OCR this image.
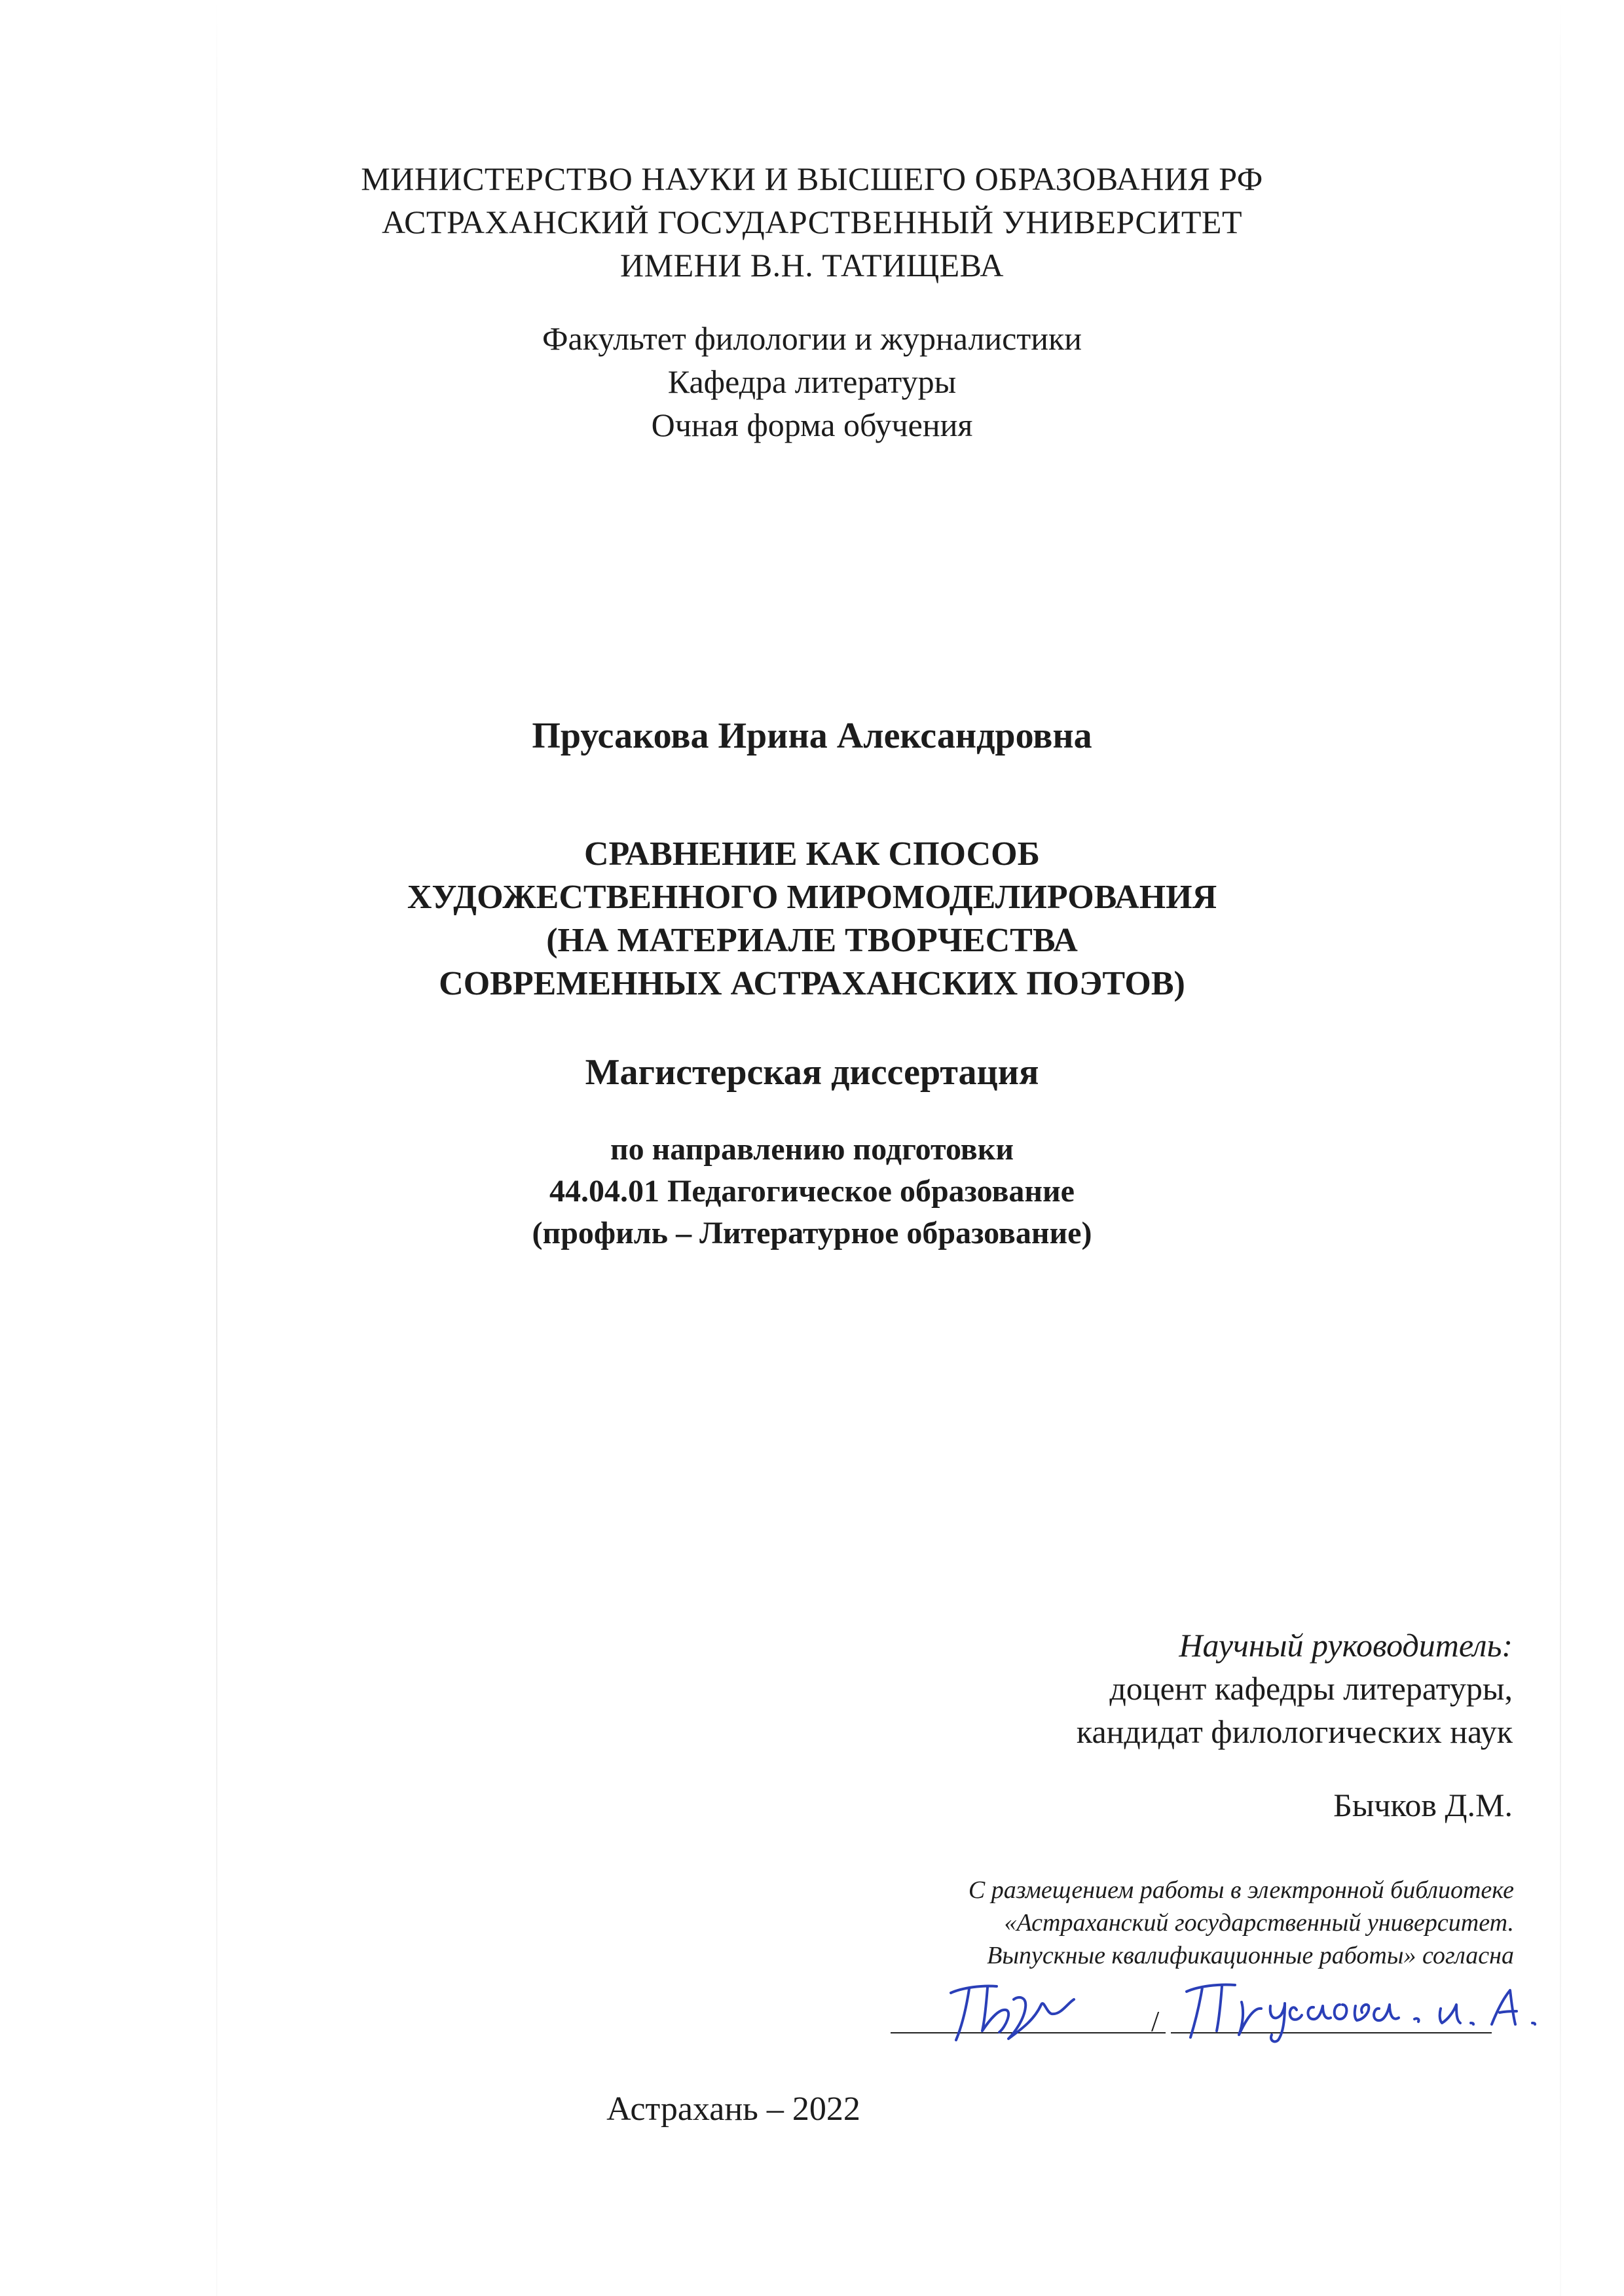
МИНИСТЕРСТВО НАУКИ И ВЫСШЕГО ОБРАЗОВАНИЯ РФ
АСТРАХАНСКИЙ ГОСУДАРСТВЕННЫЙ УНИВЕРСИТЕТ
ИМЕНИ В.Н. ТАТИЩЕВА
Факультет филологии и журналистики
Кафедра литературы
Очная форма обучения
Прусакова Ирина Александровна
СРАВНЕНИЕ КАК СПОСОБ
ХУДОЖЕСТВЕННОГО МИРОМОДЕЛИРОВАНИЯ
(НА МАТЕРИАЛЕ ТВОРЧЕСТВА
СОВРЕМЕННЫХ АСТРАХАНСКИХ ПОЭТОВ)
Магистерская диссертация
по направлению подготовки
44.04.01 Педагогическое образование
(профиль – Литературное образование)
Научный руководитель:
доцент кафедры литературы,
кандидат филологических наук
Бычков Д.М.
С размещением работы в электронной библиотеке
«Астраханский государственный университет.
Выпускные квалификационные работы» согласна
/
Астрахань – 2022
